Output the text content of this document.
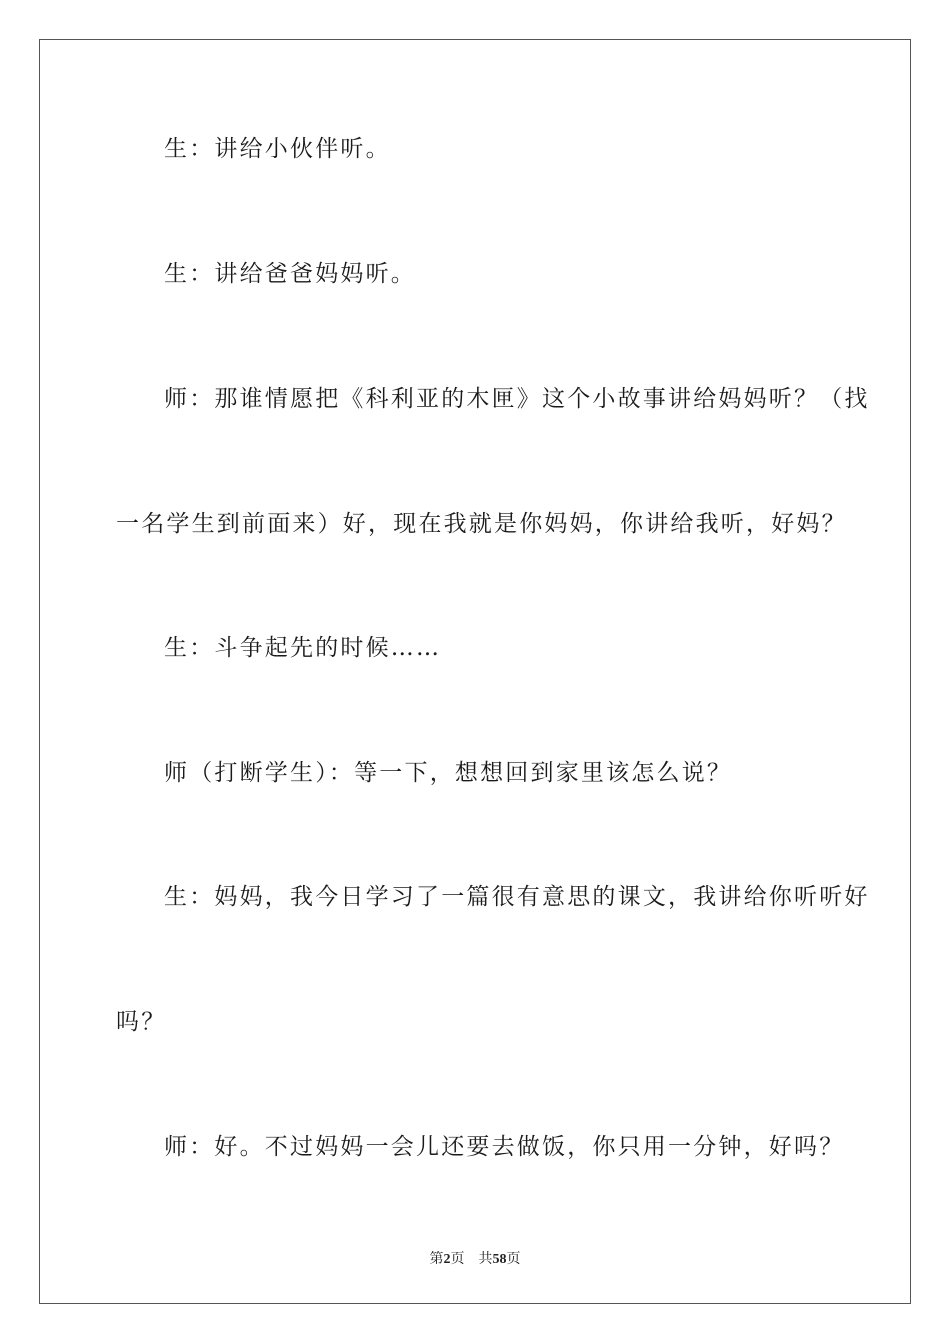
生：讲给小伙伴听。
生：讲给爸爸妈妈听。
师：那谁情愿把《科利亚的木匣》这个小故事讲给妈妈听？（找
一名学生到前面来）好，现在我就是你妈妈，你讲给我听，好妈？
生：斗争起先的时候……
师（打断学生）：等一下，想想回到家里该怎么说？
生：妈妈，我今日学习了一篇很有意思的课文，我讲给你听听好
吗？
师：好。不过妈妈一会儿还要去做饭，你只用一分钟，好吗？
第2页 共58页
